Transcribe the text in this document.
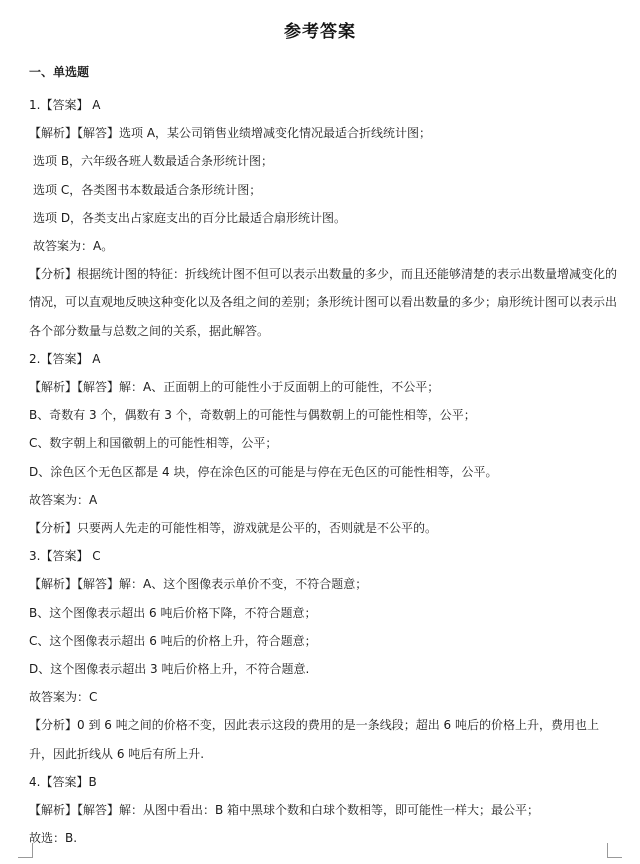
参考答案
一、单选题
1.【答案】 A
【解析】【解答】选项 A，某公司销售业绩增减变化情况最适合折线统计图；
选项 B，六年级各班人数最适合条形统计图；
选项 C，各类图书本数最适合条形统计图；
选项 D，各类支出占家庭支出的百分比最适合扇形统计图。
故答案为：A。
【分析】根据统计图的特征：折线统计图不但可以表示出数量的多少，而且还能够清楚的表示出数量增减变化的情况，可以直观地反映这种变化以及各组之间的差别；条形统计图可以看出数量的多少；扇形统计图可以表示出各个部分数量与总数之间的关系，据此解答。
2.【答案】 A
【解析】【解答】解：A、正面朝上的可能性小于反面朝上的可能性，不公平；
B、奇数有 3 个，偶数有 3 个，奇数朝上的可能性与偶数朝上的可能性相等，公平；
C、数字朝上和国徽朝上的可能性相等，公平；
D、涂色区个无色区都是 4 块，停在涂色区的可能是与停在无色区的可能性相等，公平。
故答案为：A
【分析】只要两人先走的可能性相等，游戏就是公平的，否则就是不公平的。
3.【答案】 C
【解析】【解答】解：A、这个图像表示单价不变，不符合题意；
B、这个图像表示超出 6 吨后价格下降，不符合题意；
C、这个图像表示超出 6 吨后的价格上升，符合题意；
D、这个图像表示超出 3 吨后价格上升，不符合题意.
故答案为：C
【分析】0 到 6 吨之间的价格不变，因此表示这段的费用的是一条线段；超出 6 吨后的价格上升，费用也上升，因此折线从 6 吨后有所上升.
4.【答案】B
【解析】【解答】解：从图中看出：B 箱中黑球个数和白球个数相等，即可能性一样大；最公平；
故选：B.
